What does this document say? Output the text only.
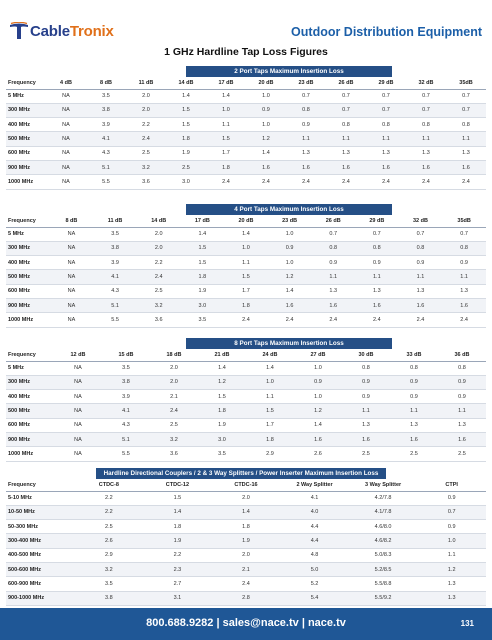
CableTronix	Outdoor Distribution Equipment
1 GHz Hardline Tap Loss Figures
2 Port Taps Maximum Insertion Loss
Frequency	4 dB	8 dB	11 dB	14 dB	17 dB	20 dB	23 dB	26 dB	29 dB	32 dB	35dB
5 MHz	NA	3.5	2.0	1.4	1.4	1.0	0.7	0.7	0.7	0.7	0.7
300 MHz	NA	3.8	2.0	1.5	1.0	0.9	0.8	0.7	0.7	0.7	0.7
400 MHz	NA	3.9	2.2	1.5	1.1	1.0	0.9	0.8	0.8	0.8	0.8
500 MHz	NA	4.1	2.4	1.8	1.5	1.2	1.1	1.1	1.1	1.1	1.1
600 MHz	NA	4.3	2.5	1.9	1.7	1.4	1.3	1.3	1.3	1.3	1.3
900 MHz	NA	5.1	3.2	2.5	1.8	1.6	1.6	1.6	1.6	1.6	1.6
1000 MHz	NA	5.5	3.6	3.0	2.4	2.4	2.4	2.4	2.4	2.4	2.4
4 Port Taps Maximum Insertion Loss
Frequency	8 dB	11 dB	14 dB	17 dB	20 dB	23 dB	26 dB	29 dB	32 dB	35dB
5 MHz	NA	3.5	2.0	1.4	1.4	1.0	0.7	0.7	0.7	0.7
300 MHz	NA	3.8	2.0	1.5	1.0	0.9	0.8	0.8	0.8	0.8
400 MHz	NA	3.9	2.2	1.5	1.1	1.0	0.9	0.9	0.9	0.9
500 MHz	NA	4.1	2.4	1.8	1.5	1.2	1.1	1.1	1.1	1.1
600 MHz	NA	4.3	2.5	1.9	1.7	1.4	1.3	1.3	1.3	1.3
900 MHz	NA	5.1	3.2	3.0	1.8	1.6	1.6	1.6	1.6	1.6
1000 MHz	NA	5.5	3.6	3.5	2.4	2.4	2.4	2.4	2.4	2.4
8 Port Taps Maximum Insertion Loss
Frequency	12 dB	15 dB	18 dB	21 dB	24 dB	27 dB	30 dB	33 dB	36 dB
5 MHz	NA	3.5	2.0	1.4	1.4	1.0	0.8	0.8	0.8
300 MHz	NA	3.8	2.0	1.2	1.0	0.9	0.9	0.9	0.9
400 MHz	NA	3.9	2.1	1.5	1.1	1.0	0.9	0.9	0.9
500 MHz	NA	4.1	2.4	1.8	1.5	1.2	1.1	1.1	1.1
600 MHz	NA	4.3	2.5	1.9	1.7	1.4	1.3	1.3	1.3
900 MHz	NA	5.1	3.2	3.0	1.8	1.6	1.6	1.6	1.6
1000 MHz	NA	5.5	3.6	3.5	2.9	2.6	2.5	2.5	2.5
Hardline Directional Couplers / 2 & 3 Way Splitters / Power Inserter Maximum Insertion Loss
Frequency	CTDC-8	CTDC-12	CTDC-16	2 Way Splitter	3 Way Splitter	CTPI
5-10 MHz	2.2	1.5	2.0	4.1	4.2/7.8	0.9
10-50 MHz	2.2	1.4	1.4	4.0	4.1/7.8	0.7
50-300 MHz	2.5	1.8	1.8	4.4	4.6/8.0	0.9
300-400 MHz	2.6	1.9	1.9	4.4	4.6/8.2	1.0
400-500 MHz	2.9	2.2	2.0	4.8	5.0/8.3	1.1
500-600 MHz	3.2	2.3	2.1	5.0	5.2/8.5	1.2
600-900 MHz	3.5	2.7	2.4	5.2	5.5/8.8	1.3
900-1000 MHz	3.8	3.1	2.8	5.4	5.5/9.2	1.3
800.688.9282 | sales@nace.tv | nace.tv	131
